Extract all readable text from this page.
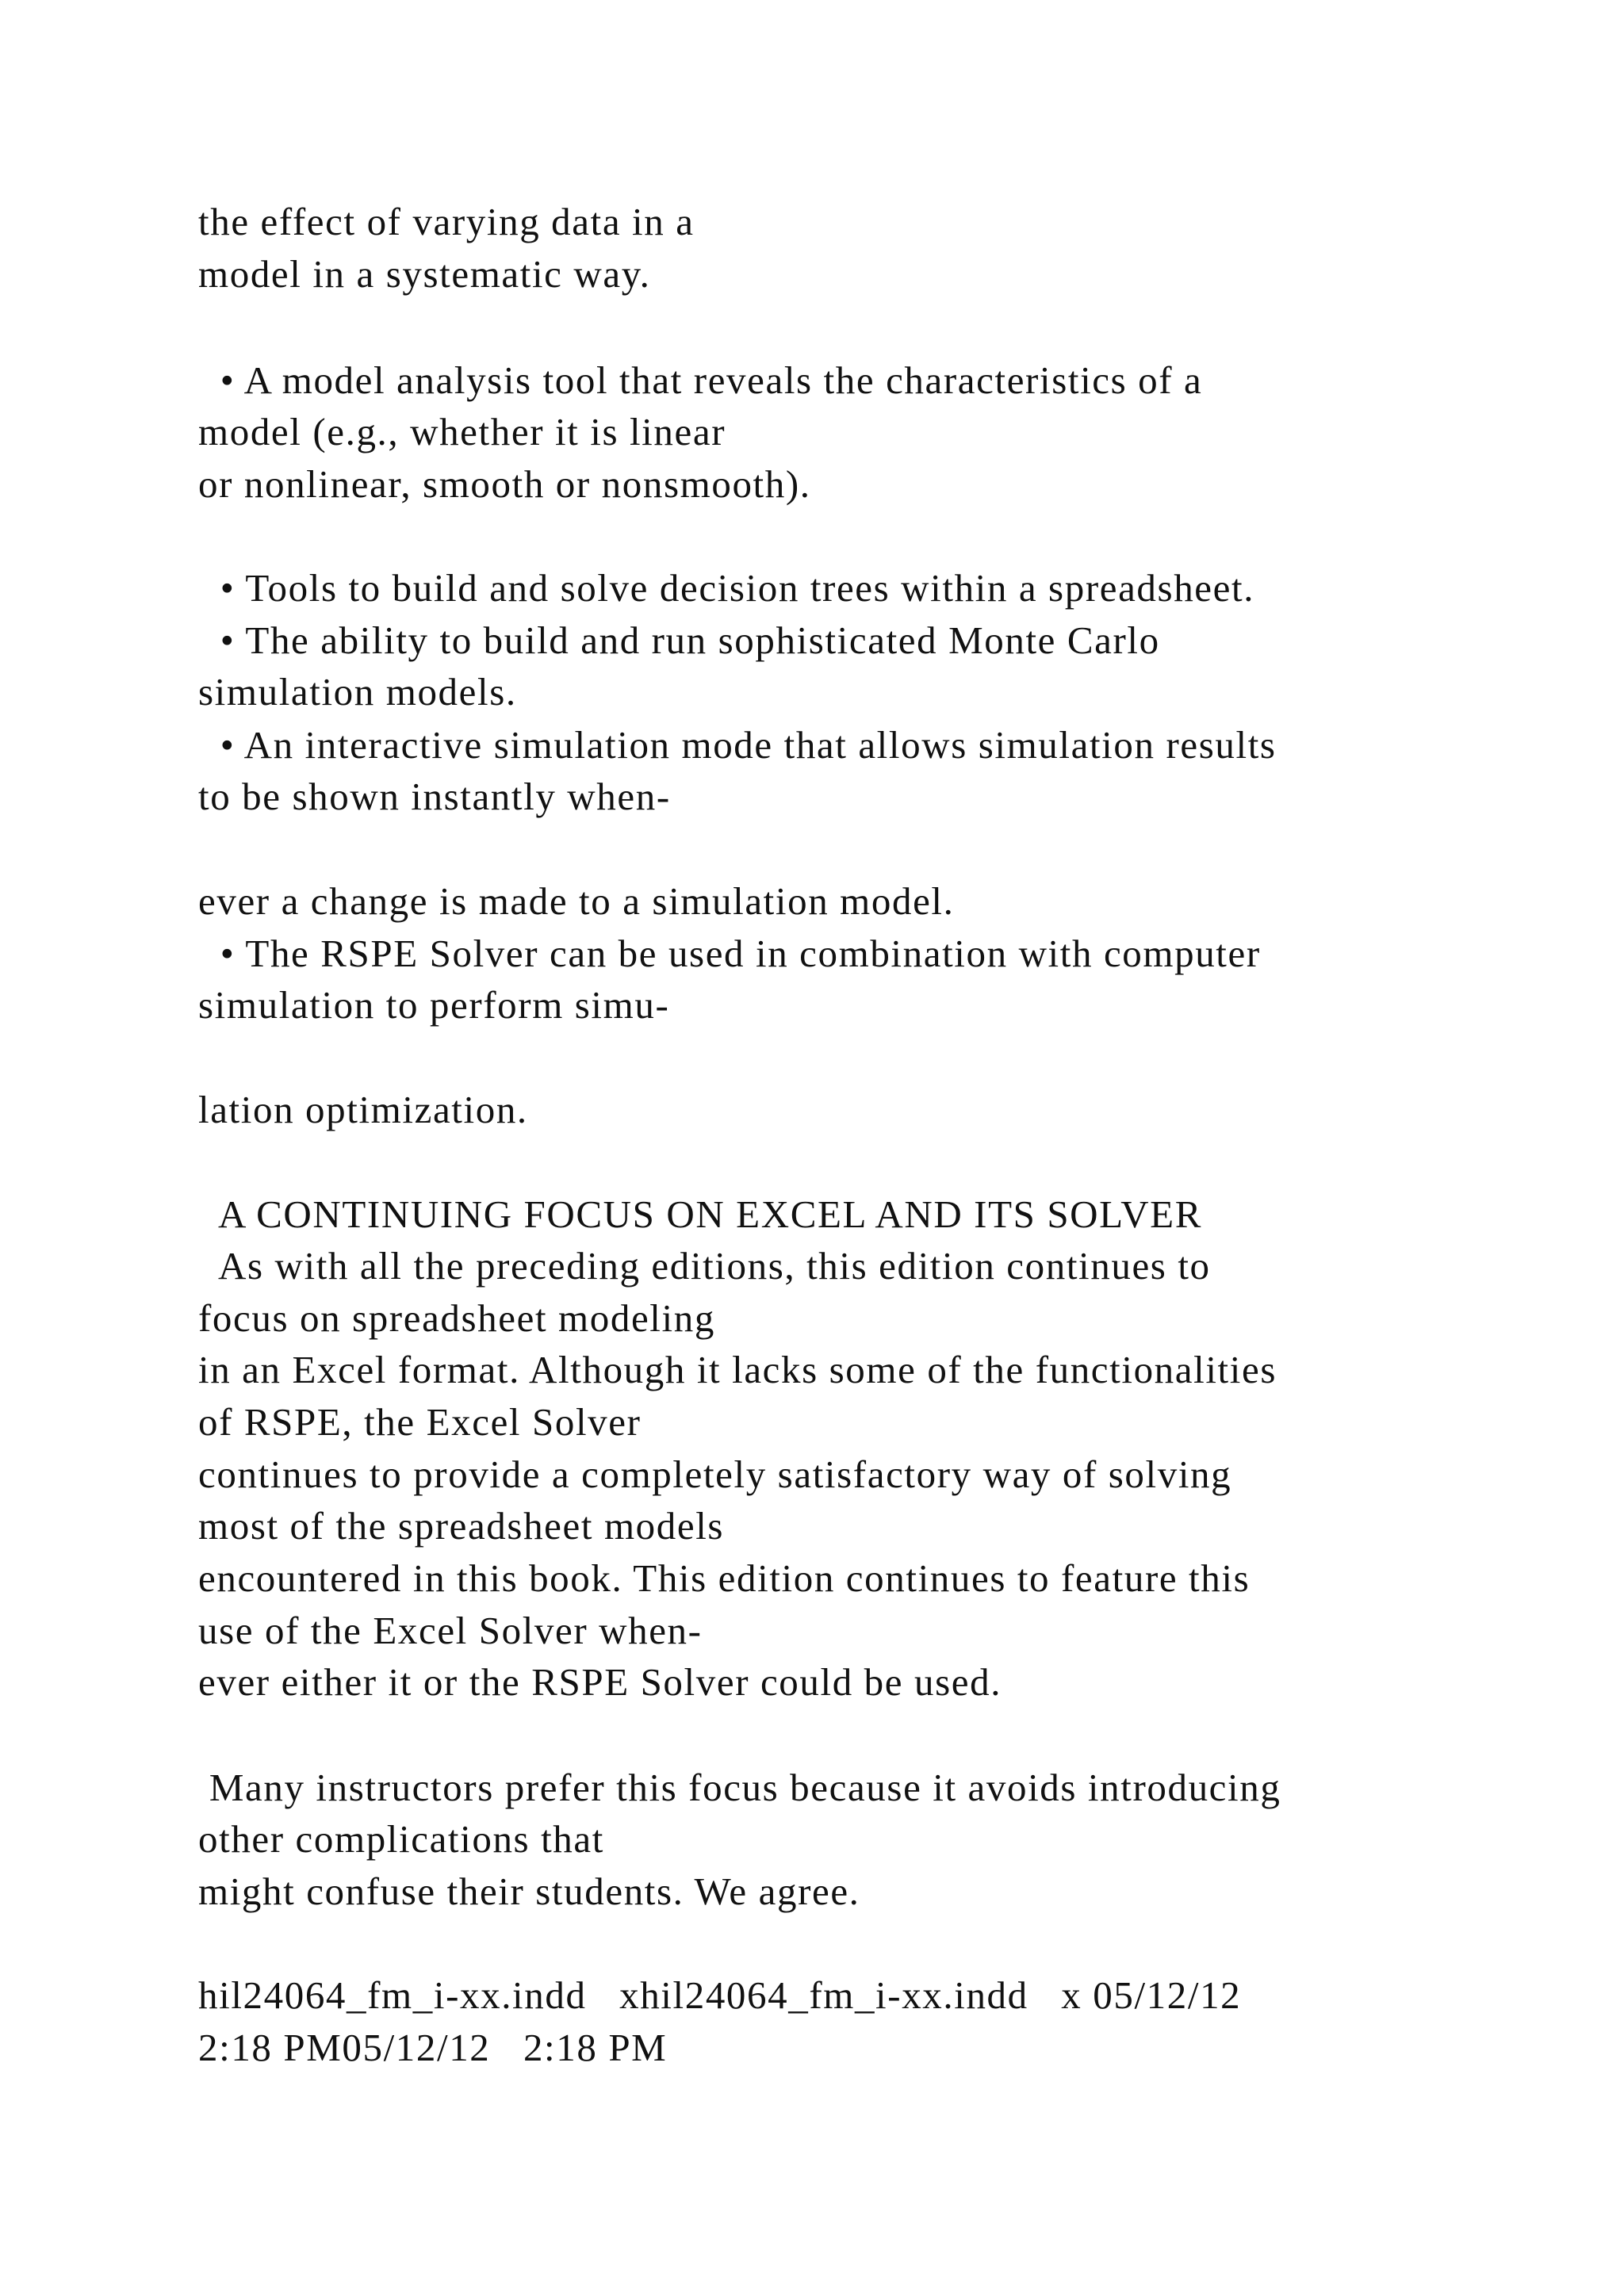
the effect of varying data in a

model in a systematic way.

• A model analysis tool that reveals the characteristics of a

model (e.g., whether it is linear

or nonlinear, smooth or nonsmooth).

• Tools to build and solve decision trees within a spreadsheet.

• The ability to build and run sophisticated Monte Carlo

simulation models.

• An interactive simulation mode that allows simulation results

to be shown instantly when-

ever a change is made to a simulation model.

• The RSPE Solver can be used in combination with computer

simulation to perform simu-

lation optimization.

A CONTINUING FOCUS ON EXCEL AND ITS SOLVER

As with all the preceding editions, this edition continues to

focus on spreadsheet modeling

in an Excel format. Although it lacks some of the functionalities

of RSPE, the Excel Solver

continues to provide a completely satisfactory way of solving

most of the spreadsheet models

encountered in this book. This edition continues to feature this

use of the Excel Solver when-

ever either it or the RSPE Solver could be used.

Many instructors prefer this focus because it avoids introducing

other complications that

might confuse their students. We agree.

hil24064_fm_i-xx.indd   xhil24064_fm_i-xx.indd   x 05/12/12

2:18 PM05/12/12   2:18 PM
